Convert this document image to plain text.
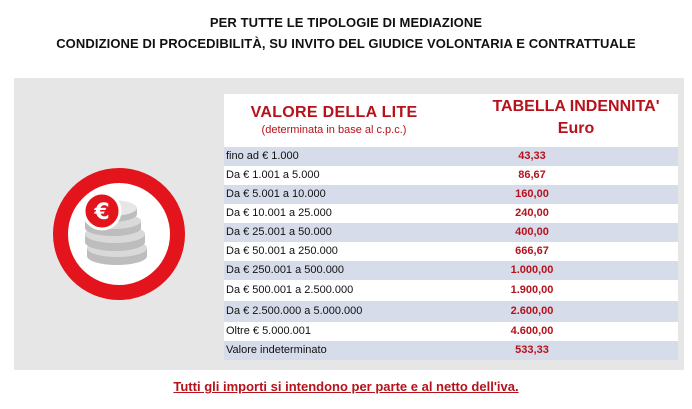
PER TUTTE LE TIPOLOGIE DI MEDIAZIONE
CONDIZIONE DI PROCEDIBILITÀ, SU INVITO DEL GIUDICE VOLONTARIA E CONTRATTUALE
€
VALORE DELLA LITE
(determinata in base al c.p.c.)
TABELLA INDENNITA'
Euro
fino ad € 1.000	43,33
Da € 1.001 a 5.000	86,67
Da € 5.001 a 10.000	160,00
Da € 10.001 a 25.000	240,00
Da € 25.001 a 50.000	400,00
Da € 50.001 a 250.000	666,67
Da € 250.001 a 500.000	1.000,00
Da € 500.001 a 2.500.000	1.900,00
Da € 2.500.000 a 5.000.000	2.600,00
Oltre € 5.000.001	4.600,00
Valore indeterminato	533,33
Tutti gli importi si intendono per parte e al netto dell'iva.
